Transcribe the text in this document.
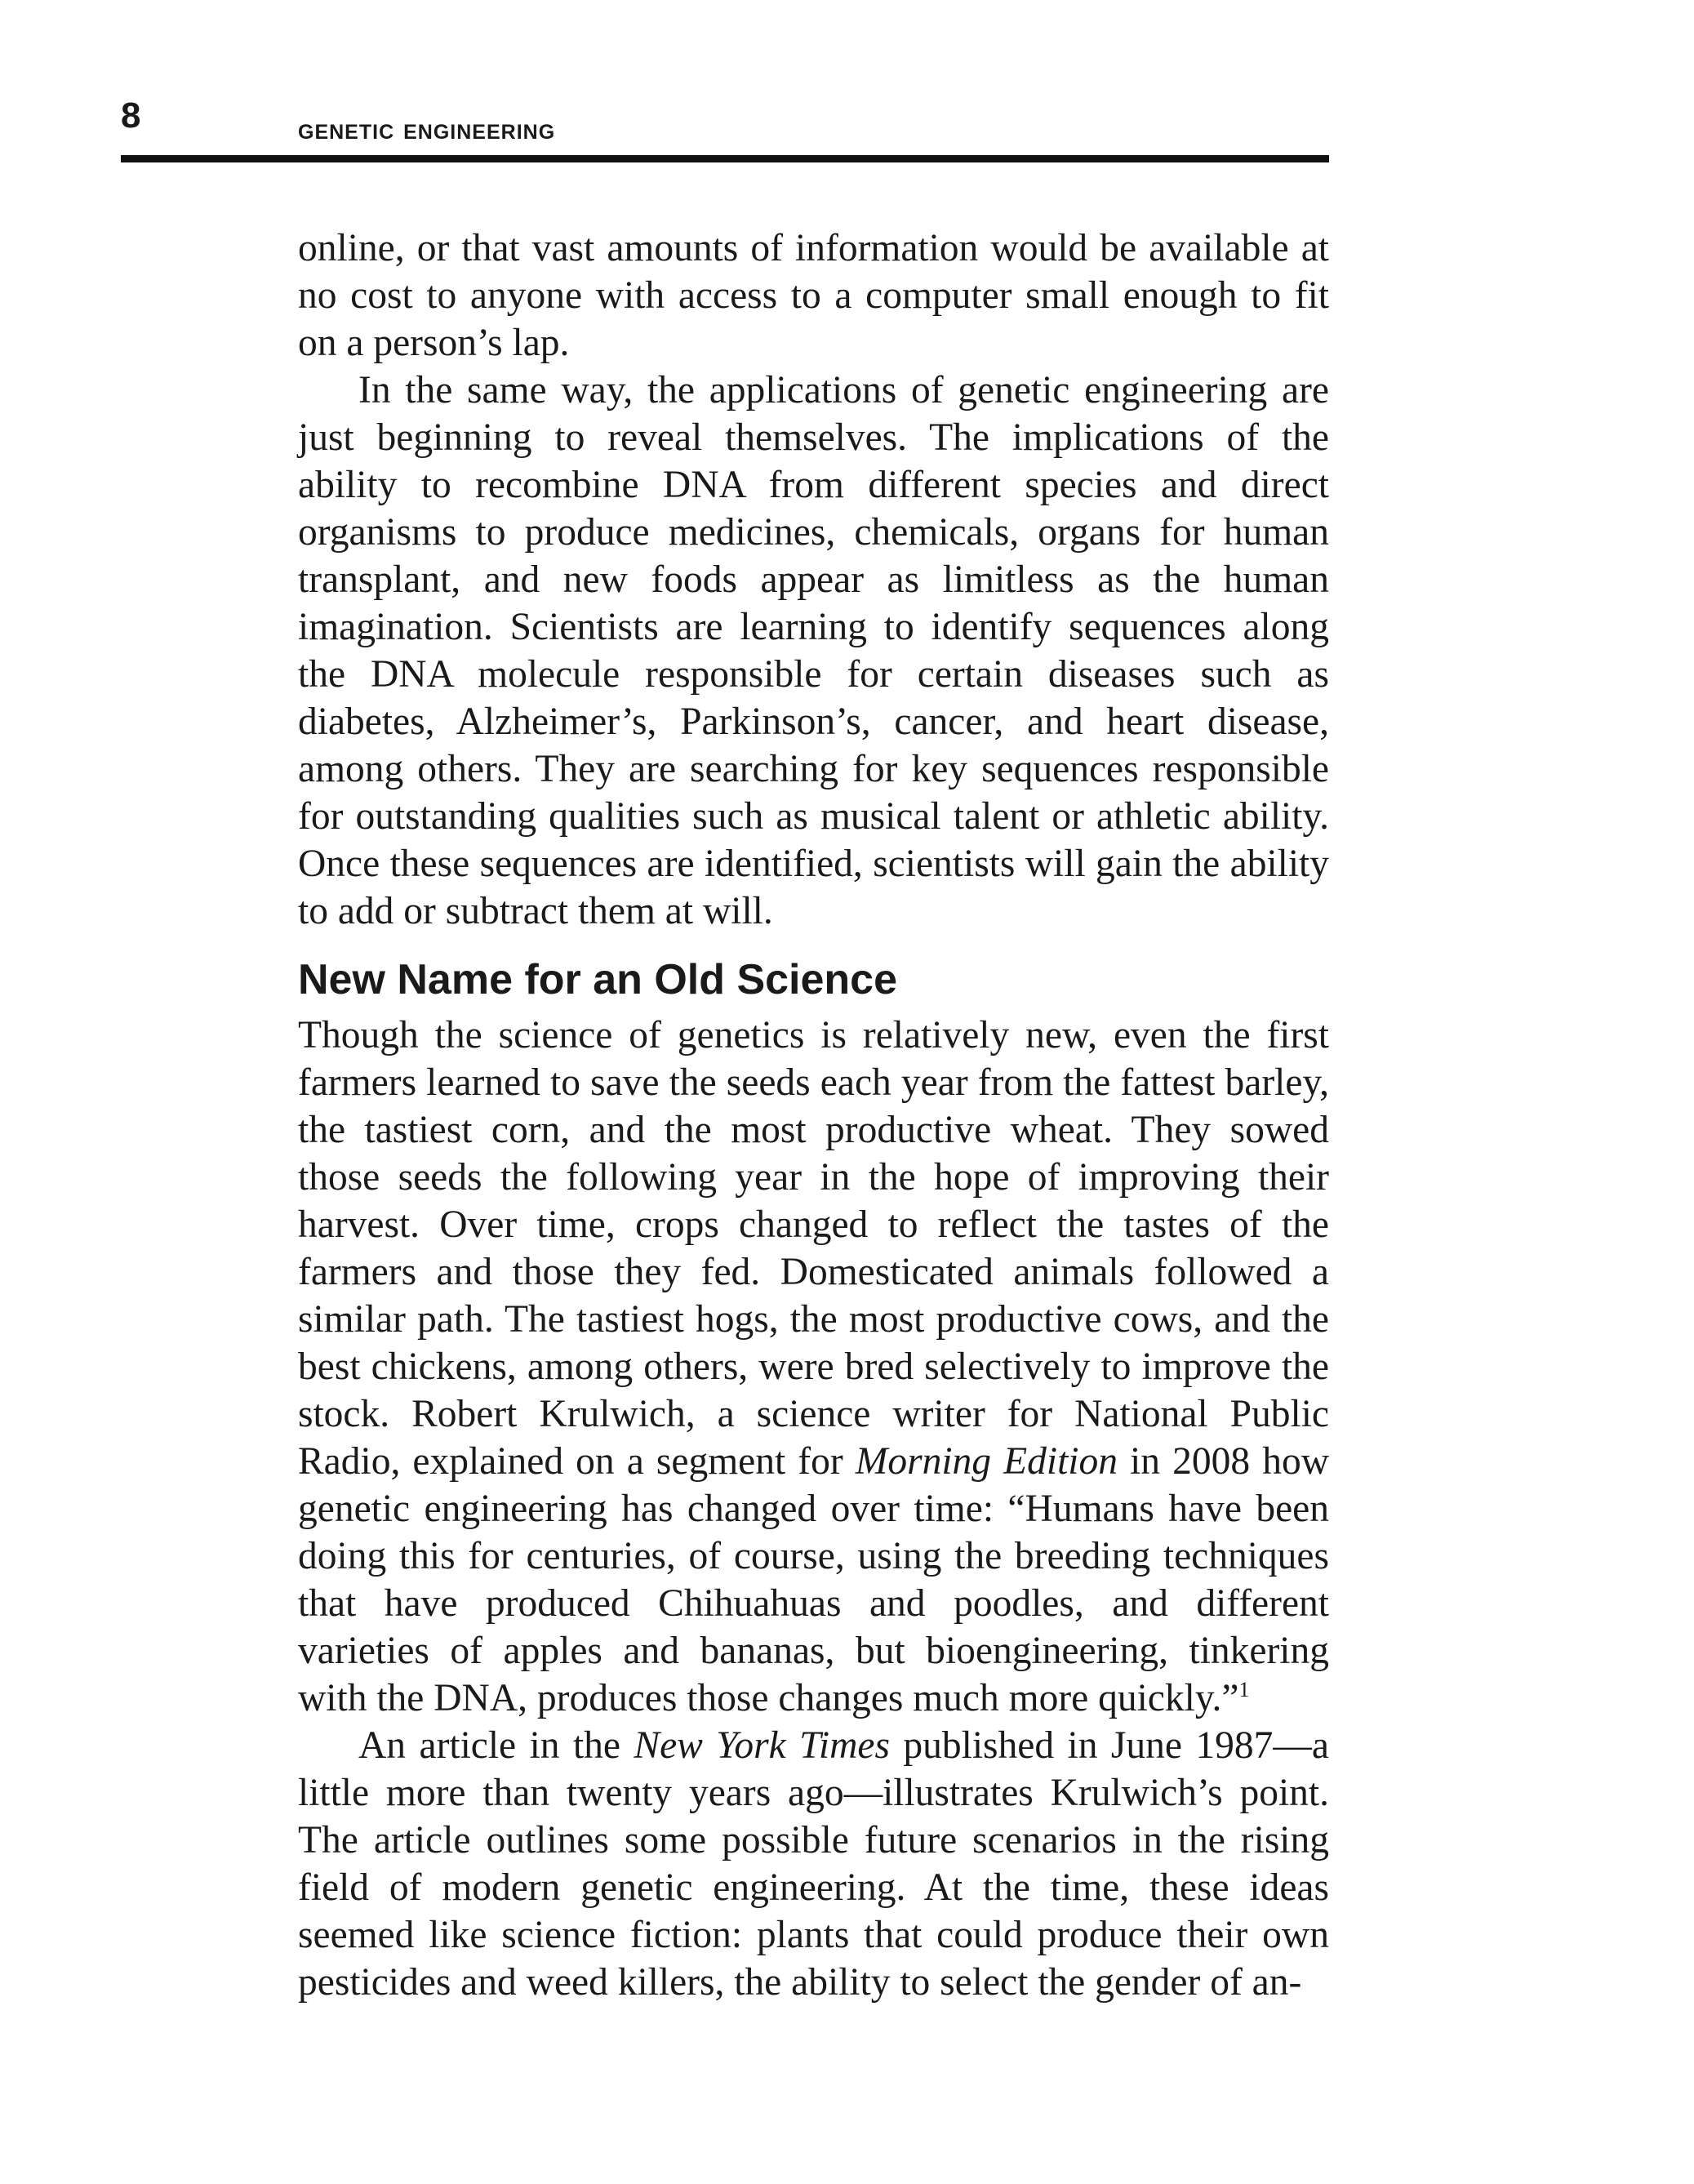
8	genetic engineering

online, or that vast amounts of information would be available at no cost to anyone with access to a computer small enough to fit on a person’s lap.

In the same way, the applications of genetic engineering are just beginning to reveal themselves. The implications of the ability to recombine DNA from different species and direct organisms to produce medicines, chemicals, organs for human transplant, and new foods appear as limitless as the human imagination. Scientists are learning to identify sequences along the DNA molecule responsible for certain diseases such as diabetes, Alzheimer’s, Parkinson’s, cancer, and heart disease, among others. They are searching for key sequences responsible for outstanding qualities such as musical talent or athletic ability. Once these sequences are identified, scientists will gain the ability to add or subtract them at will.

New Name for an Old Science

Though the science of genetics is relatively new, even the first farmers learned to save the seeds each year from the fattest barley, the tastiest corn, and the most productive wheat. They sowed those seeds the following year in the hope of improving their harvest. Over time, crops changed to reflect the tastes of the farmers and those they fed. Domesticated animals followed a similar path. The tastiest hogs, the most productive cows, and the best chickens, among others, were bred selectively to improve the stock. Robert Krulwich, a science writer for National Public Radio, explained on a segment for Morning Edition in 2008 how genetic engineering has changed over time: “Humans have been doing this for centuries, of course, using the breeding techniques that have produced Chihuahuas and poodles, and different varieties of apples and bananas, but bioengineering, tinkering with the DNA, produces those changes much more quickly.”$^1$

An article in the New York Times published in June 1987—a little more than twenty years ago—illustrates Krulwich’s point. The article outlines some possible future scenarios in the rising field of modern genetic engineering. At the time, these ideas seemed like science fiction: plants that could produce their own pesticides and weed killers, the ability to select the gender of an-
